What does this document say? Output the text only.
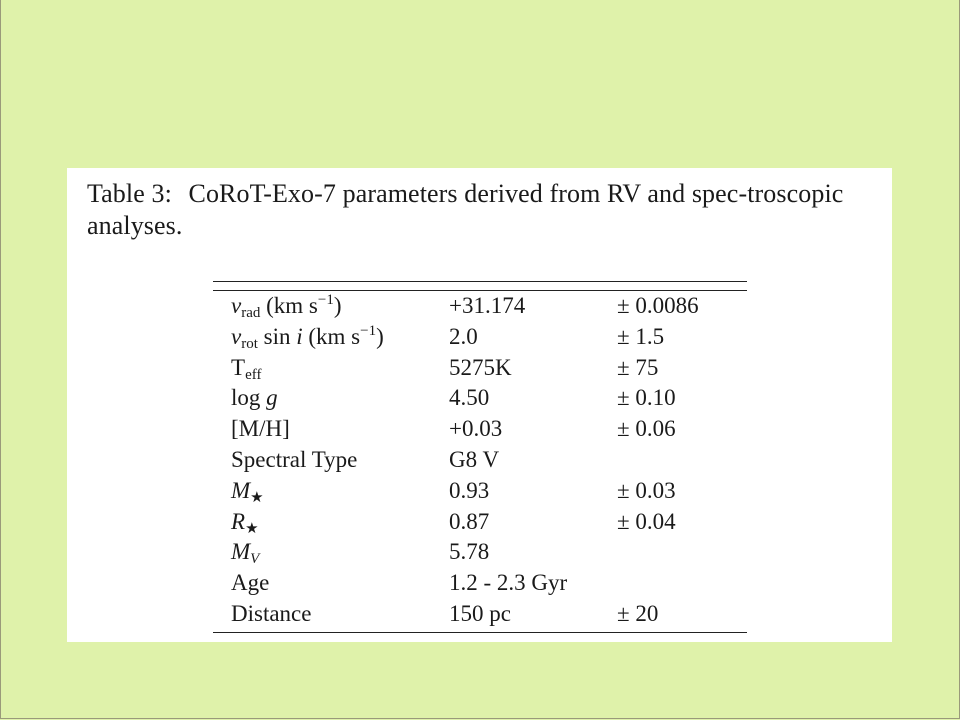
Table 3: CoRoT-Exo-7 parameters derived from RV and spec-troscopic analyses.
$v_{rad}$ (km $s^{-1}$)	+31.174	± 0.0086
$v_{rot}$ sin i (km $s^{-1}$)	2.0	± 1.5
$T_{eff}$	5275K	± 75
log g	4.50	± 0.10
[M/H]	+0.03	± 0.06
Spectral Type	G8 V	
$M_★$	0.93	± 0.03
$R_★$	0.87	± 0.04
$M_V$	5.78	
Age	1.2 - 2.3 Gyr	
Distance	150 pc	± 20
